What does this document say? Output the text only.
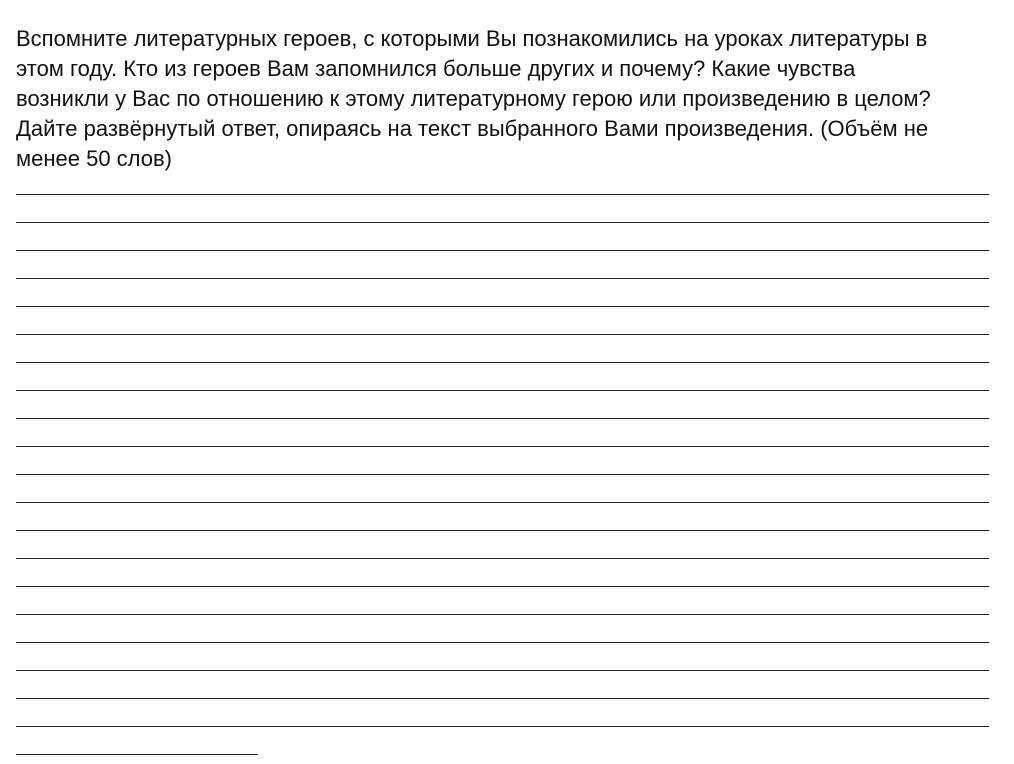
Вспомните литературных героев, с которыми Вы познакомились на уроках литературы в
этом году. Кто из героев Вам запомнился больше других и почему? Какие чувства
возникли у Вас по отношению к этому литературному герою или произведению в целом?
Дайте развёрнутый ответ, опираясь на текст выбранного Вами произведения. (Объём не
менее 50 слов)
